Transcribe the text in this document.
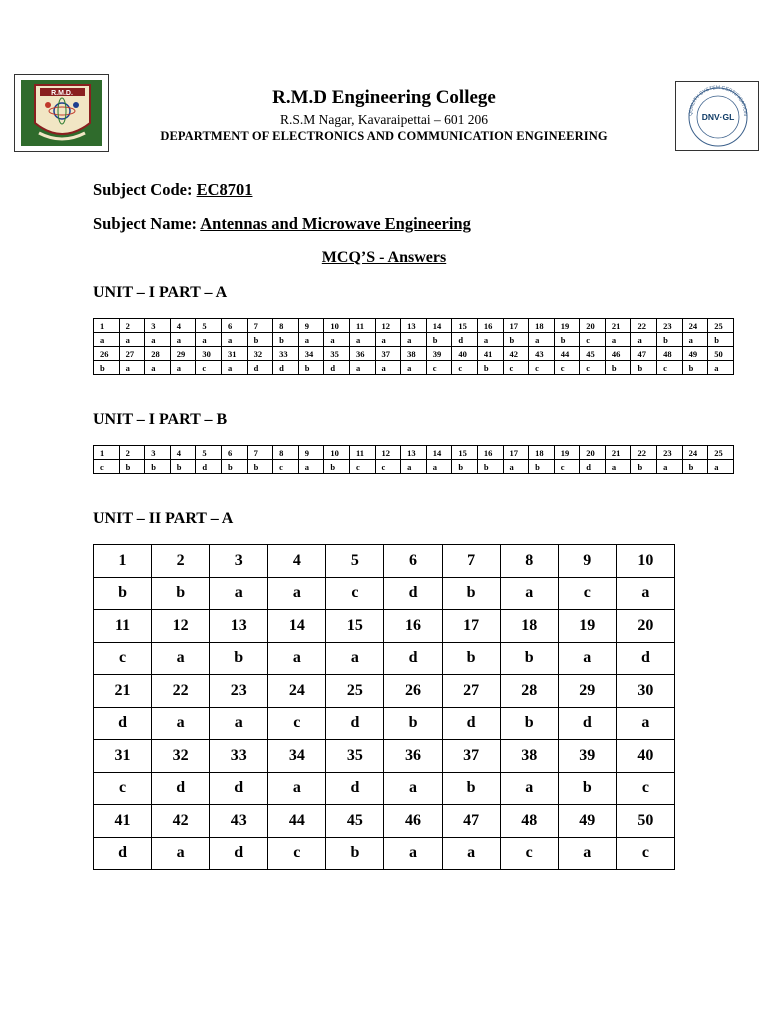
R.M.D.
QUALITY SYSTEM CERTIFICATION
DNV·GL
R.M.D Engineering College
R.S.M Nagar, Kavaraipettai – 601 206
DEPARTMENT OF ELECTRONICS AND COMMUNICATION ENGINEERING
Subject Code: EC8701
Subject Name: Antennas and Microwave Engineering
MCQ’S - Answers
UNIT – I PART – A
1	2	3	4	5	6	7	8	9	10	11	12	13	14	15	16	17	18	19	20	21	22	23	24	25
a	a	a	a	a	a	b	b	a	a	a	a	a	b	d	a	b	a	b	c	a	a	b	a	b
26	27	28	29	30	31	32	33	34	35	36	37	38	39	40	41	42	43	44	45	46	47	48	49	50
b	a	a	a	c	a	d	d	b	d	a	a	a	c	c	b	c	c	c	c	b	b	c	b	a
UNIT – I PART – B
1	2	3	4	5	6	7	8	9	10	11	12	13	14	15	16	17	18	19	20	21	22	23	24	25
c	b	b	b	d	b	b	c	a	b	c	c	a	a	b	b	a	b	c	d	a	b	a	b	a
UNIT – II PART – A
1	2	3	4	5	6	7	8	9	10
b	b	a	a	c	d	b	a	c	a
11	12	13	14	15	16	17	18	19	20
c	a	b	a	a	d	b	b	a	d
21	22	23	24	25	26	27	28	29	30
d	a	a	c	d	b	d	b	d	a
31	32	33	34	35	36	37	38	39	40
c	d	d	a	d	a	b	a	b	c
41	42	43	44	45	46	47	48	49	50
d	a	d	c	b	a	a	c	a	c
